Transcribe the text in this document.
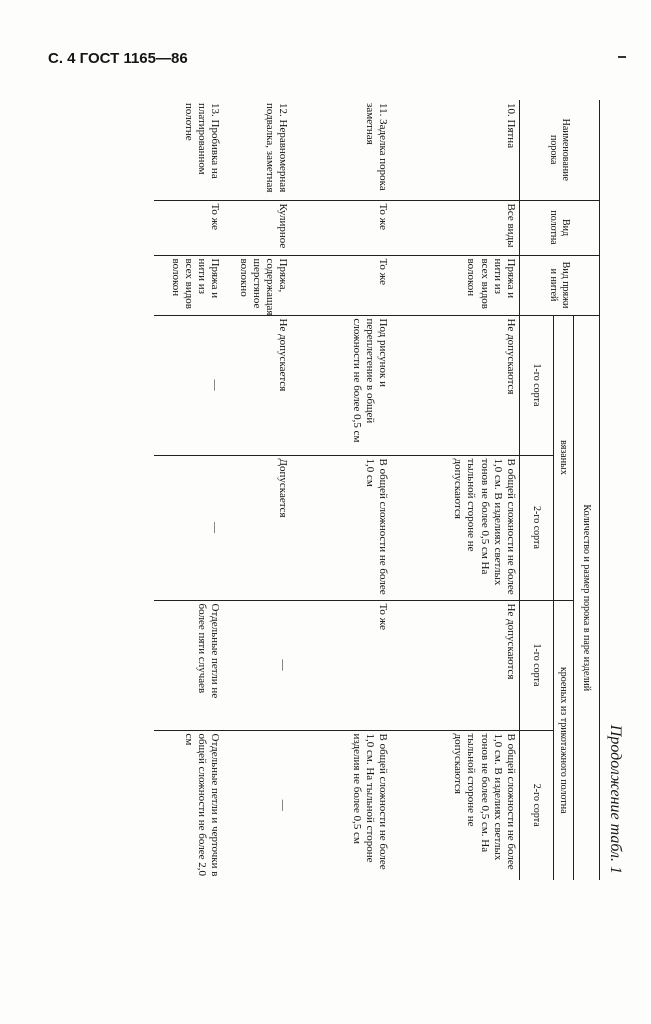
С. 4 ГОСТ 1165—86
Продолжение табл. 1
Наименование порока	Вид полотна	Вид пряжи и нитей	Количество и размер порока в паре изделий			
			вязаных		кроеных из трикотажного полотна	
			1-го сорта	2-го сорта	1-го сорта	2-го сорта
10. Пятна	Все виды	Пряжа и нити из всех видов волокон	Не допускаются	В общей сложности не более 1,0 см. В изделиях светлых тонов не более 0,5 см На тыльной стороне не допускаются	Не допускаются	В общей сложности не более 1,0 см. В изделиях светлых тонов не более 0,5 см. На тыльной стороне не допускаются
11. Заделка порока заметная	То же	То же	Под рисунок и переплетение в общей сложности не более 0,5 см	В общей сложности не более 1,0 см	То же	В общей сложности не более 1,0 см. На тыльной стороне изделия не более 0,5 см
12. Неравномерная подвалка, заметная	Кулирное	Пряжа, содержащая шерстяное волокно	Не допускается	Допускается	—	—
13. Пробивка на платированном полотне	То же	Пряжа и нити из всех видов волокон	—	—	Отдельные петли не более пяти случаев	Отдельные петли и черточки в общей сложности не более 2,0 см
